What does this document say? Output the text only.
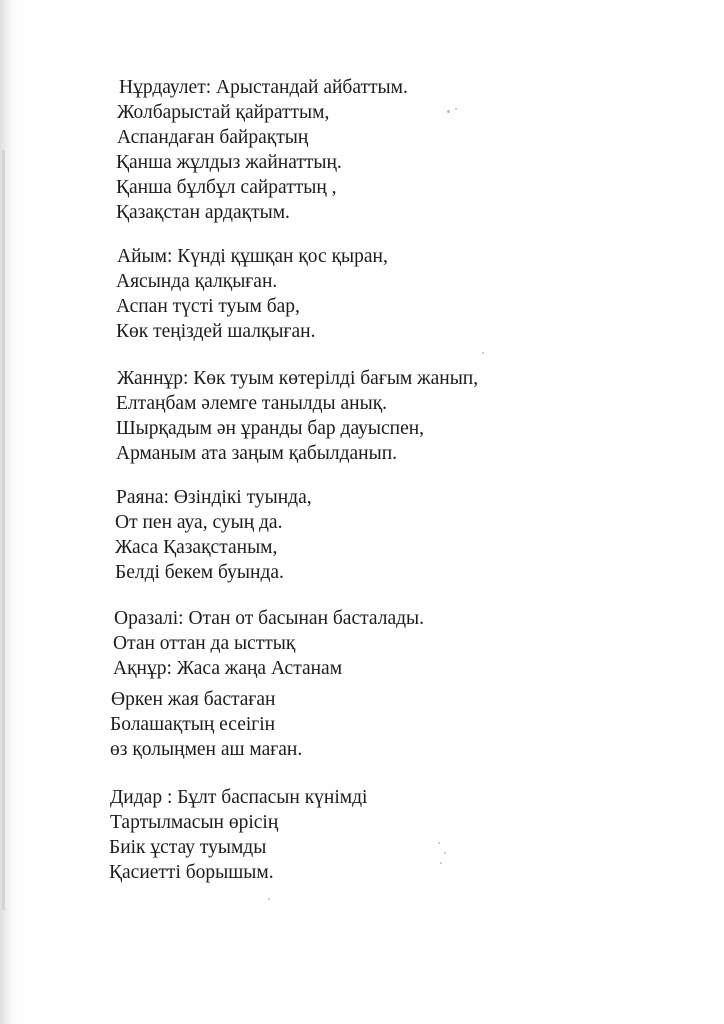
Нұрдаулет: Арыстандай айбаттым.
Жолбарыстай қайраттым,
Аспандаған байрақтың
Қанша жұлдыз жайнаттың.
Қанша бұлбұл сайраттың ,
Қазақстан ардақтым.
Айым: Күнді құшқан қос қыран,
Аясында қалқыған.
Аспан түсті туым бар,
Көк теңіздей шалқыған.
Жаннұр: Көк туым көтерілді бағым жанып,
Елтаңбам әлемге танылды анық.
Шырқадым ән ұранды бар дауыспен,
Арманым ата заңым қабылданып.
Раяна: Өзіндікі туында,
От пен ауа, суың да.
Жаса Қазақстаным,
Белді бекем буында.
Оразалі: Отан от басынан басталады.
Отан оттан да ысттық
Ақнұр: Жаса жаңа Астанам
Өркен жая бастаған
Болашақтың есеігін
өз қолыңмен аш маған.
Дидар : Бұлт баспасын күнімді
Тартылмасын өрісің
Биік ұстау туымды
Қасиетті борышым.
